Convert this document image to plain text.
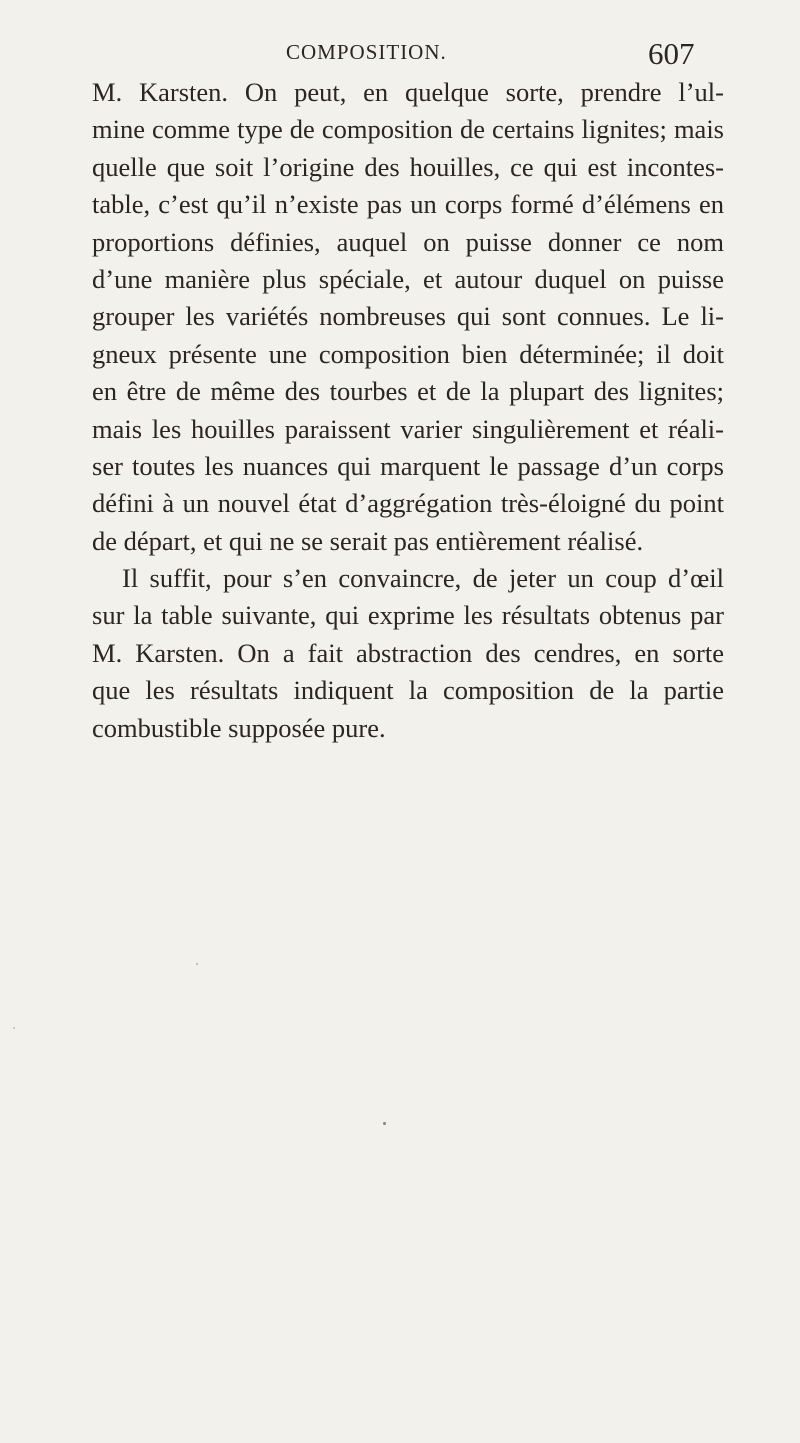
COMPOSITION.	607
M. Karsten. On peut, en quelque sorte, prendre l’ul-
mine comme type de composition de certains lignites; mais
quelle que soit l’origine des houilles, ce qui est incontes-
table, c’est qu’il n’existe pas un corps formé d’élémens en
proportions définies, auquel on puisse donner ce nom
d’une manière plus spéciale, et autour duquel on puisse
grouper les variétés nombreuses qui sont connues. Le li-
gneux présente une composition bien déterminée; il doit
en être de même des tourbes et de la plupart des lignites;
mais les houilles paraissent varier singulièrement et réali-
ser toutes les nuances qui marquent le passage d’un corps
défini à un nouvel état d’aggrégation très-éloigné du point
de départ, et qui ne se serait pas entièrement réalisé.
Il suffit, pour s’en convaincre, de jeter un coup d’œil
sur la table suivante, qui exprime les résultats obtenus par
M. Karsten. On a fait abstraction des cendres, en sorte
que les résultats indiquent la composition de la partie
combustible supposée pure.
